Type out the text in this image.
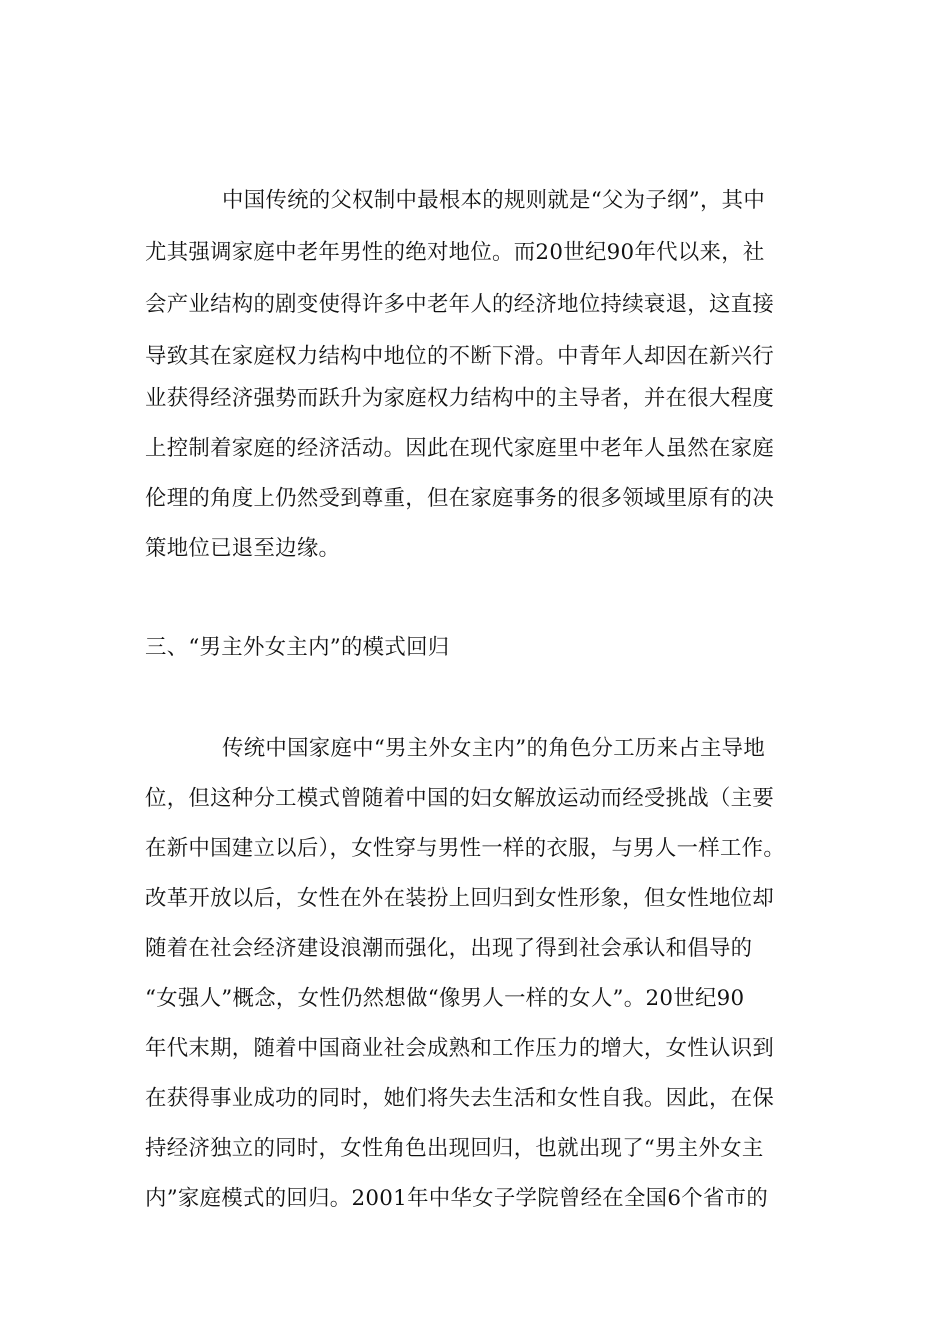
中国传统的父权制中最根本的规则就是“父为子纲”，其中

尤其强调家庭中老年男性的绝对地位。而20世纪90年代以来，社

会产业结构的剧变使得许多中老年人的经济地位持续衰退，这直接

导致其在家庭权力结构中地位的不断下滑。中青年人却因在新兴行

业获得经济强势而跃升为家庭权力结构中的主导者，并在很大程度

上控制着家庭的经济活动。因此在现代家庭里中老年人虽然在家庭

伦理的角度上仍然受到尊重，但在家庭事务的很多领域里原有的决

策地位已退至边缘。

三、“男主外女主内”的模式回归

传统中国家庭中“男主外女主内”的角色分工历来占主导地

位，但这种分工模式曾随着中国的妇女解放运动而经受挑战（主要

在新中国建立以后），女性穿与男性一样的衣服，与男人一样工作。

改革开放以后，女性在外在装扮上回归到女性形象，但女性地位却

随着在社会经济建设浪潮而强化，出现了得到社会承认和倡导的

“女强人”概念，女性仍然想做“像男人一样的女人”。20世纪90

年代末期，随着中国商业社会成熟和工作压力的增大，女性认识到

在获得事业成功的同时，她们将失去生活和女性自我。因此，在保

持经济独立的同时，女性角色出现回归，也就出现了“男主外女主

内”家庭模式的回归。2001年中华女子学院曾经在全国6个省市的
